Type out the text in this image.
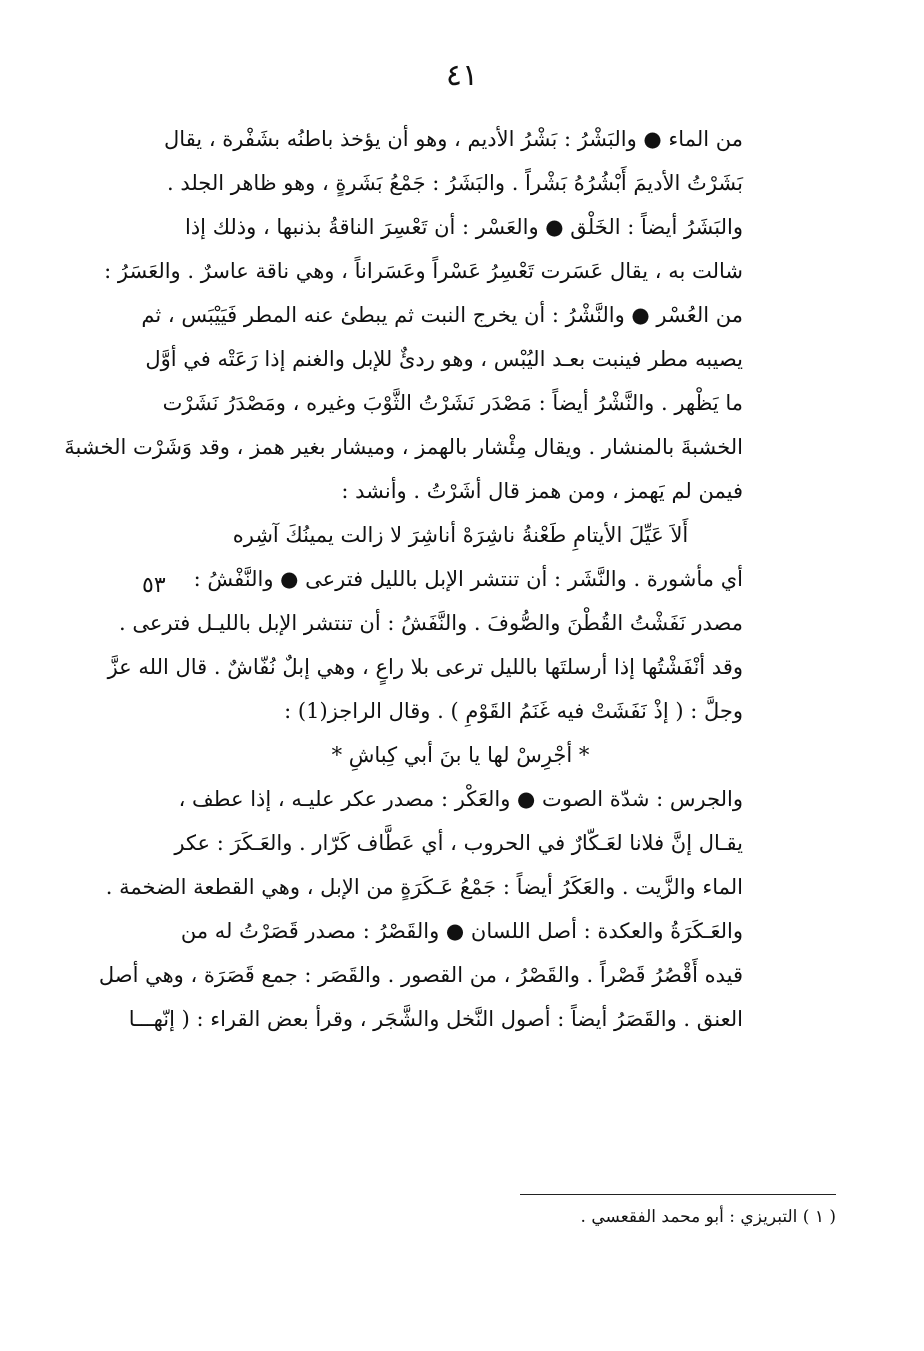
٤١
٥٣
من الماء ● والبَشْرُ : بَشْرُ الأديم ، وهو أن يؤخذ باطنُه بشَفْرة ، يقال
بَشَرْتُ الأديمَ أَبْشُرُهُ بَشْراً . والبَشَرُ : جَمْعُ بَشَرةٍ ، وهو ظاهر الجلد .
والبَشَرُ أيضاً : الخَلْق ● والعَسْر : أن تَعْسِرَ الناقةُ بذنبها ، وذلك إذا
شالت به ، يقال عَسَرت تَعْسِرُ عَسْراً وعَسَراناً ، وهي ناقة عاسرٌ . والعَسَرُ :
من العُسْر ● والنَّشْرُ : أن يخرج النبت ثم يبطئ عنه المطر فَيَيْبَس ، ثم
يصيبه مطر فينبت بعـد اليُبْس ، وهو ردئٌ للإبل والغنم إذا رَعَتْه في أوَّل
ما يَظْهر . والنَّشْرُ أيضاً : مَصْدَر نَشَرْتُ الثَّوْبَ وغيره ، ومَصْدَرُ نَشَرْت
الخشبةَ بالمنشار . ويقال مِئْشار بالهمز ، وميشار بغير همز ، وقد وَشَرْت الخشبةَ
فيمن لم يَهمز ، ومن همز قال أشَرْتُ . وأنشد :
أَلاَ عَيِّلَ الأيتامِ طَعْنةُ ناشِرَهْ أناشِرَ لا زالت يمينُكَ آشِره
أي مأشورة . والنَّشَر : أن تنتشر الإبل بالليل فترعى ● والنَّفْشُ :
مصدر نَفَشْتُ القُطْنَ والصُّوفَ . والنَّفَشُ : أن تنتشر الإبل بالليـل فترعى .
وقد أنْفَشْتُها إذا أرسلتَها بالليل ترعى بلا راعٍ ، وهي إبلٌ نُفّاشٌ . قال الله عزَّ
وجلَّ : ( إذْ نَفَشَتْ فيه غَنَمُ القَوْمِ ) . وقال الراجز(1) :
* أجْرِسْ لها يا بنَ أبي كِباشِ *
والجرس : شدّة الصوت ● والعَكْر : مصدر عكر عليـه ، إذا عطف ،
يقـال إنَّ فلانا لعَـكّارٌ في الحروب ، أي عَطَّاف كَرّار . والعَـكَرَ : عكر
الماء والزَّيت . والعَكَرُ أيضاً : جَمْعُ عَـكَرَةٍ من الإبل ، وهي القطعة الضخمة .
والعَـكَرَةُ والعكدة : أصل اللسان ● والقَصْرُ : مصدر قَصَرْتُ له من
قيده أَقْصُرُ قَصْراً . والقَصْرُ ، من القصور . والقَصَر : جمع قَصَرَة ، وهي أصل
العنق . والقَصَرُ أيضاً : أصول النَّخل والشَّجَر ، وقرأ بعض القراء : ( إنّهـــا
( ١ ) التبريزي : أبو محمد الفقعسي .
